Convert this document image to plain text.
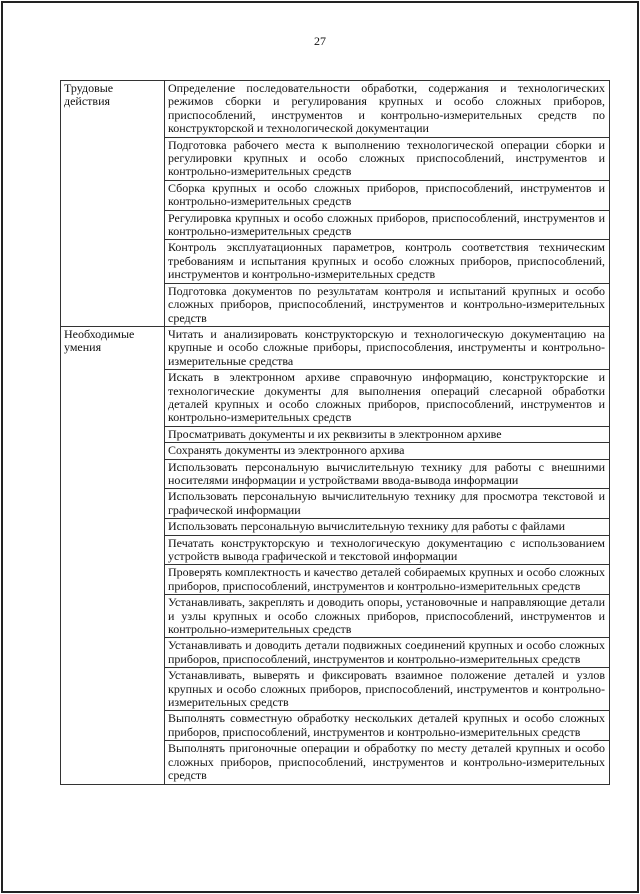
27
Трудовые
действия	Определение последовательности обработки, содержания и технологических режимов сборки и регулирования крупных и особо сложных приборов, приспособлений, инструментов и контрольно-измерительных средств по конструкторской и технологической документации
	Подготовка рабочего места к выполнению технологической операции сборки и регулировки крупных и особо сложных приспособлений, инструментов и контрольно-измерительных средств
	Сборка крупных и особо сложных приборов, приспособлений, инструментов и контрольно-измерительных средств
	Регулировка крупных и особо сложных приборов, приспособлений, инструментов и контрольно-измерительных средств
	Контроль эксплуатационных параметров, контроль соответствия техническим требованиям и испытания крупных и особо сложных приборов, приспособлений, инструментов и контрольно-измерительных средств
	Подготовка документов по результатам контроля и испытаний крупных и особо сложных приборов, приспособлений, инструментов и контрольно-измерительных средств

Необходимые
умения	Читать и анализировать конструкторскую и технологическую документацию на крупные и особо сложные приборы, приспособления, инструменты и контрольно-измерительные средства
	Искать в электронном архиве справочную информацию, конструкторские и технологические документы для выполнения операций слесарной обработки деталей крупных и особо сложных приборов, приспособлений, инструментов и контрольно-измерительных средств
	Просматривать документы и их реквизиты в электронном архиве
	Сохранять документы из электронного архива
	Использовать персональную вычислительную технику для работы с внешними носителями информации и устройствами ввода-вывода информации
	Использовать персональную вычислительную технику для просмотра текстовой и графической информации
	Использовать персональную вычислительную технику для работы с файлами
	Печатать конструкторскую и технологическую документацию с использованием устройств вывода графической и текстовой информации
	Проверять комплектность и качество деталей собираемых крупных и особо сложных приборов, приспособлений, инструментов и контрольно-измерительных средств
	Устанавливать, закреплять и доводить опоры, установочные и направляющие детали и узлы крупных и особо сложных приборов, приспособлений, инструментов и контрольно-измерительных средств
	Устанавливать и доводить детали подвижных соединений крупных и особо сложных приборов, приспособлений, инструментов и контрольно-измерительных средств
	Устанавливать, выверять и фиксировать взаимное положение деталей и узлов крупных и особо сложных приборов, приспособлений, инструментов и контрольно-измерительных средств
	Выполнять совместную обработку нескольких деталей крупных и особо сложных приборов, приспособлений, инструментов и контрольно-измерительных средств
	Выполнять пригоночные операции и обработку по месту деталей крупных и особо сложных приборов, приспособлений, инструментов и контрольно-измерительных средств
